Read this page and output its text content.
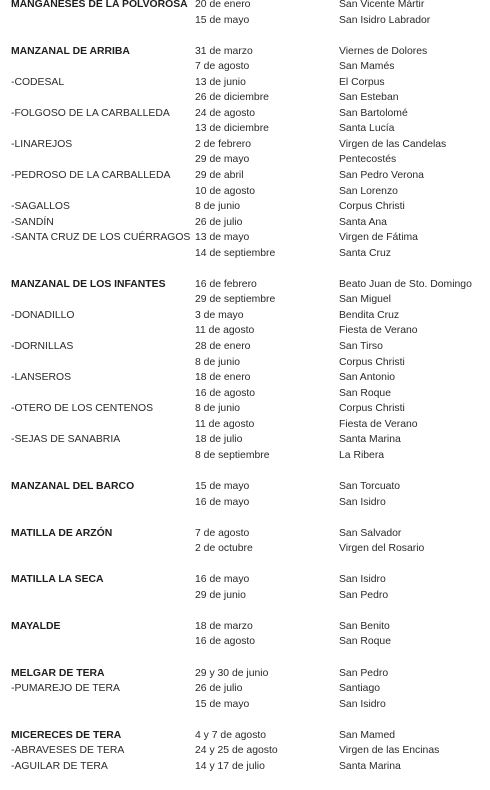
MANGANESES DE LA POLVOROSA 20 de enero	San Vicente Mártir
15 de mayo	San Isidro Labrador
MANZANAL DE ARRIBA	31 de marzo	Viernes de Dolores
7 de agosto	San Mamés
-CODESAL	13 de junio	El Corpus
26 de diciembre	San Esteban
-FOLGOSO DE LA CARBALLEDA 24 de agosto	San Bartolomé
13 de diciembre	Santa Lucía
-LINAREJOS	2 de febrero	Virgen de las Candelas
29 de mayo	Pentecostés
-PEDROSO DE LA CARBALLEDA 29 de abril	San Pedro Verona
10 de agosto	San Lorenzo
-SAGALLOS	8 de junio	Corpus Christi
-SANDÍN	26 de julio	Santa Ana
-SANTA CRUZ DE LOS CUÉRRAGOS 13 de mayo	Virgen de Fátima
14 de septiembre	Santa Cruz
MANZANAL DE LOS INFANTES	16 de febrero	Beato Juan de Sto. Domingo
29 de septiembre	San Miguel
-DONADILLO	3 de mayo	Bendita Cruz
11 de agosto	Fiesta de Verano
-DORNILLAS	28 de enero	San Tirso
8 de junio	Corpus Christi
-LANSEROS	18 de enero	San Antonio
16 de agosto	San Roque
-OTERO DE LOS CENTENOS	8 de junio	Corpus Christi
11 de agosto	Fiesta de Verano
-SEJAS DE SANABRIA	18 de julio	Santa Marina
8 de septiembre	La Ribera
MANZANAL DEL BARCO	15 de mayo	San Torcuato
16 de mayo	San Isidro
MATILLA DE ARZÓN	7 de agosto	San Salvador
2 de octubre	Virgen del Rosario
MATILLA LA SECA	16 de mayo	San Isidro
29 de junio	San Pedro
MAYALDE	18 de marzo	San Benito
16 de agosto	San Roque
MELGAR DE TERA	29 y 30 de junio	San Pedro
-PUMAREJO DE TERA	26 de julio	Santiago
15 de mayo	San Isidro
MICERECES DE TERA	4 y 7 de agosto	San Mamed
-ABRAVESES DE TERA	24 y 25 de agosto	Virgen de las Encinas
-AGUILAR DE TERA	14 y 17 de julio	Santa Marina
